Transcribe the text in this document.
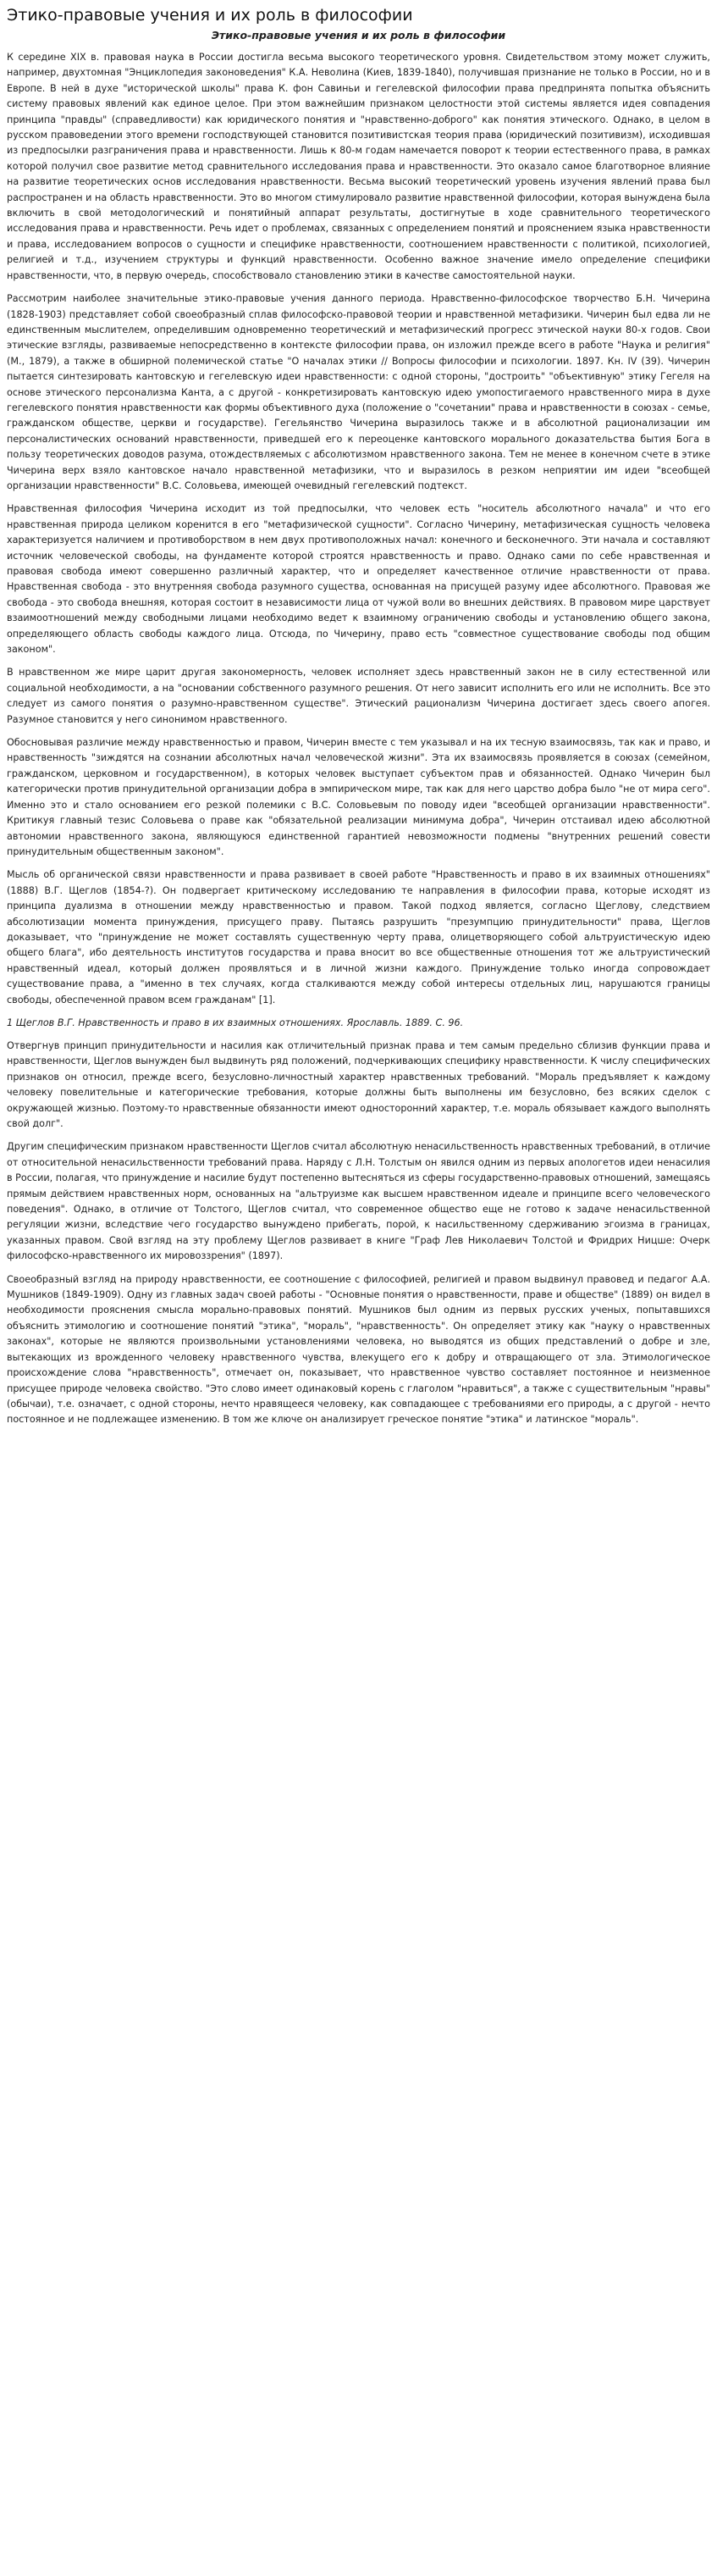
Этико-правовые учения и их роль в философии
Этико-правовые учения и их роль в философии

К середине XIX в. правовая наука в России достигла весьма высокого теоретического уровня. Свидетельством этому может служить, например, двухтомная "Энциклопедия законоведения" К.А. Неволина (Киев, 1839-1840), получившая признание не только в России, но и в Европе. В ней в духе "исторической школы" права К. фон Савиньи и гегелевской философии права предпринята попытка объяснить систему правовых явлений как единое целое. При этом важнейшим признаком целостности этой системы является идея совпадения принципа "правды" (справедливости) как юридического понятия и "нравственно-доброго" как понятия этического. Однако, в целом в русском правоведении этого времени господствующей становится позитивистская теория права (юридический позитивизм), исходившая из предпосылки разграничения права и нравственности. Лишь к 80-м годам намечается поворот к теории естественного права, в рамках которой получил свое развитие метод сравнительного исследования права и нравственности. Это оказало самое благотворное влияние на развитие теоретических основ исследования нравственности. Весьма высокий теоретический уровень изучения явлений права был распространен и на область нравственности. Это во многом стимулировало развитие нравственной философии, которая вынуждена была включить в свой методологический и понятийный аппарат результаты, достигнутые в ходе сравнительного теоретического исследования права и нравственности. Речь идет о проблемах, связанных с определением понятий и прояснением языка нравственности и права, исследованием вопросов о сущности и специфике нравственности, соотношением нравственности с политикой, психологией, религией и т.д., изучением структуры и функций нравственности. Особенно важное значение имело определение специфики нравственности, что, в первую очередь, способствовало становлению этики в качестве самостоятельной науки.

Рассмотрим наиболее значительные этико-правовые учения данного периода. Нравственно-философское творчество Б.Н. Чичерина (1828-1903) представляет собой своеобразный сплав философско-правовой теории и нравственной метафизики. Чичерин был едва ли не единственным мыслителем, определившим одновременно теоретический и метафизический прогресс этической науки 80-х годов. Свои этические взгляды, развиваемые непосредственно в контексте философии права, он изложил прежде всего в работе "Наука и религия" (М., 1879), а также в обширной полемической статье "О началах этики // Вопросы философии и психологии. 1897. Кн. IV (39). Чичерин пытается синтезировать кантовскую и гегелевскую идеи нравственности: с одной стороны, "достроить" "объективную" этику Гегеля на основе этического персонализма Канта, а с другой - конкретизировать кантовскую идею умопостигаемого нравственного мира в духе гегелевского понятия нравственности как формы объективного духа (положение о "сочетании" права и нравственности в союзах - семье, гражданском обществе, церкви и государстве). Гегельянство Чичерина выразилось также и в абсолютной рационализации им персоналистических оснований нравственности, приведшей его к переоценке кантовского морального доказательства бытия Бога в пользу теоретических доводов разума, отождествляемых с абсолютизмом нравственного закона. Тем не менее в конечном счете в этике Чичерина верх взяло кантовское начало нравственной метафизики, что и выразилось в резком неприятии им идеи "всеобщей организации нравственности" В.С. Соловьева, имеющей очевидный гегелевский подтекст.

Нравственная философия Чичерина исходит из той предпосылки, что человек есть "носитель абсолютного начала" и что его нравственная природа целиком коренится в его "метафизической сущности". Согласно Чичерину, метафизическая сущность человека характеризуется наличием и противоборством в нем двух противоположных начал: конечного и бесконечного. Эти начала и составляют источник человеческой свободы, на фундаменте которой строятся нравственность и право. Однако сами по себе нравственная и правовая свобода имеют совершенно различный характер, что и определяет качественное отличие нравственности от права. Нравственная свобода - это внутренняя свобода разумного существа, основанная на присущей разуму идее абсолютного. Правовая же свобода - это свобода внешняя, которая состоит в независимости лица от чужой воли во внешних действиях. В правовом мире царствует взаимоотношений между свободными лицами необходимо ведет к взаимному ограничению свободы и установлению общего закона, определяющего область свободы каждого лица. Отсюда, по Чичерину, право есть "совместное существование свободы под общим законом".

В нравственном же мире царит другая закономерность, человек исполняет здесь нравственный закон не в силу естественной или социальной необходимости, а на "основании собственного разумного решения. От него зависит исполнить его или не исполнить. Все это следует из самого понятия о разумно-нравственном существе". Этический рационализм Чичерина достигает здесь своего апогея. Разумное становится у него синонимом нравственного.

Обосновывая различие между нравственностью и правом, Чичерин вместе с тем указывал и на их тесную взаимосвязь, так как и право, и нравственность "зиждятся на сознании абсолютных начал человеческой жизни". Эта их взаимосвязь проявляется в союзах (семейном, гражданском, церковном и государственном), в которых человек выступает субъектом прав и обязанностей. Однако Чичерин был категорически против принудительной организации добра в эмпирическом мире, так как для него царство добра было "не от мира сего". Именно это и стало основанием его резкой полемики с В.С. Соловьевым по поводу идеи "всеобщей организации нравственности". Критикуя главный тезис Соловьева о праве как "обязательной реализации минимума добра", Чичерин отстаивал идею абсолютной автономии нравственного закона, являющуюся единственной гарантией невозможности подмены "внутренних решений совести принудительным общественным законом".

Мысль об органической связи нравственности и права развивает в своей работе "Нравственность и право в их взаимных отношениях" (1888) В.Г. Щеглов (1854-?). Он подвергает критическому исследованию те направления в философии права, которые исходят из принципа дуализма в отношении между нравственностью и правом. Такой подход является, согласно Щеглову, следствием абсолютизации момента принуждения, присущего праву. Пытаясь разрушить "презумпцию принудительности" права, Щеглов доказывает, что "принуждение не может составлять существенную черту права, олицетворяющего собой альтруистическую идею общего блага", ибо деятельность институтов государства и права вносит во все общественные отношения тот же альтруистический нравственный идеал, который должен проявляться и в личной жизни каждого. Принуждение только иногда сопровождает существование права, а "именно в тех случаях, когда сталкиваются между собой интересы отдельных лиц, нарушаются границы свободы, обеспеченной правом всем гражданам" [1].

1 Щеглов В.Г. Нравственность и право в их взаимных отношениях. Ярославль. 1889. С. 96.

Отвергнув принцип принудительности и насилия как отличительный признак права и тем самым предельно сблизив функции права и нравственности, Щеглов вынужден был выдвинуть ряд положений, подчеркивающих специфику нравственности. К числу специфических признаков он относил, прежде всего, безусловно-личностный характер нравственных требований. "Мораль предъявляет к каждому человеку повелительные и категорические требования, которые должны быть выполнены им безусловно, без всяких сделок с окружающей жизнью. Поэтому-то нравственные обязанности имеют односторонний характер, т.е. мораль обязывает каждого выполнять свой долг".

Другим специфическим признаком нравственности Щеглов считал абсолютную ненасильственность нравственных требований, в отличие от относительной ненасильственности требований права. Наряду с Л.Н. Толстым он явился одним из первых апологетов идеи ненасилия в России, полагая, что принуждение и насилие будут постепенно вытесняться из сферы государственно-правовых отношений, замещаясь прямым действием нравственных норм, основанных на "альтруизме как высшем нравственном идеале и принципе всего человеческого поведения". Однако, в отличие от Толстого, Щеглов считал, что современное общество еще не готово к задаче ненасильственной регуляции жизни, вследствие чего государство вынуждено прибегать, порой, к насильственному сдерживанию эгоизма в границах, указанных правом. Свой взгляд на эту проблему Щеглов развивает в книге "Граф Лев Николаевич Толстой и Фридрих Ницше: Очерк философско-нравственного их мировоззрения" (1897).

Своеобразный взгляд на природу нравственности, ее соотношение с философией, религией и правом выдвинул правовед и педагог А.А. Мушников (1849-1909). Одну из главных задач своей работы - "Основные понятия о нравственности, праве и обществе" (1889) он видел в необходимости прояснения смысла морально-правовых понятий. Мушников был одним из первых русских ученых, попытавшихся объяснить этимологию и соотношение понятий "этика", "мораль", "нравственность". Он определяет этику как "науку о нравственных законах", которые не являются произвольными установлениями человека, но выводятся из общих представлений о добре и зле, вытекающих из врожденного человеку нравственного чувства, влекущего его к добру и отвращающего от зла. Этимологическое происхождение слова "нравственность", отмечает он, показывает, что нравственное чувство составляет постоянное и неизменное присущее природе человека свойство. "Это слово имеет одинаковый корень с глаголом "нравиться", а также с существительным "нравы" (обычаи), т.е. означает, с одной стороны, нечто нравящееся человеку, как совпадающее с требованиями его природы, а с другой - нечто постоянное и не подлежащее изменению. В том же ключе он анализирует греческое понятие "этика" и латинское "мораль".
